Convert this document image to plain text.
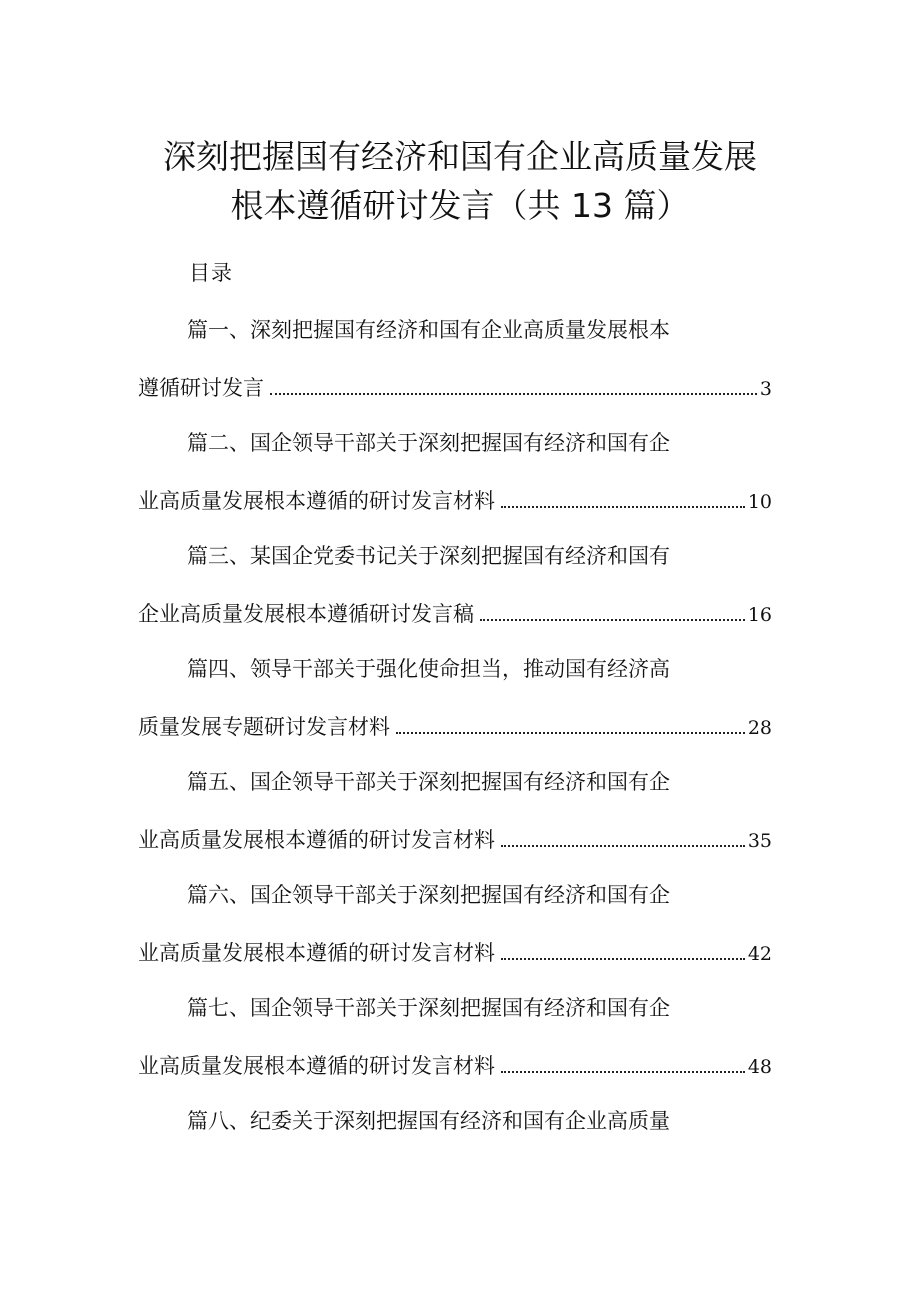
深刻把握国有经济和国有企业高质量发展
根本遵循研讨发言（共 13 篇）
目录
篇一、深刻把握国有经济和国有企业高质量发展根本
遵循研讨发言	3
篇二、国企领导干部关于深刻把握国有经济和国有企
业高质量发展根本遵循的研讨发言材料	10
篇三、某国企党委书记关于深刻把握国有经济和国有
企业高质量发展根本遵循研讨发言稿	16
篇四、领导干部关于强化使命担当，推动国有经济高
质量发展专题研讨发言材料	28
篇五、国企领导干部关于深刻把握国有经济和国有企
业高质量发展根本遵循的研讨发言材料	35
篇六、国企领导干部关于深刻把握国有经济和国有企
业高质量发展根本遵循的研讨发言材料	42
篇七、国企领导干部关于深刻把握国有经济和国有企
业高质量发展根本遵循的研讨发言材料	48
篇八、纪委关于深刻把握国有经济和国有企业高质量
